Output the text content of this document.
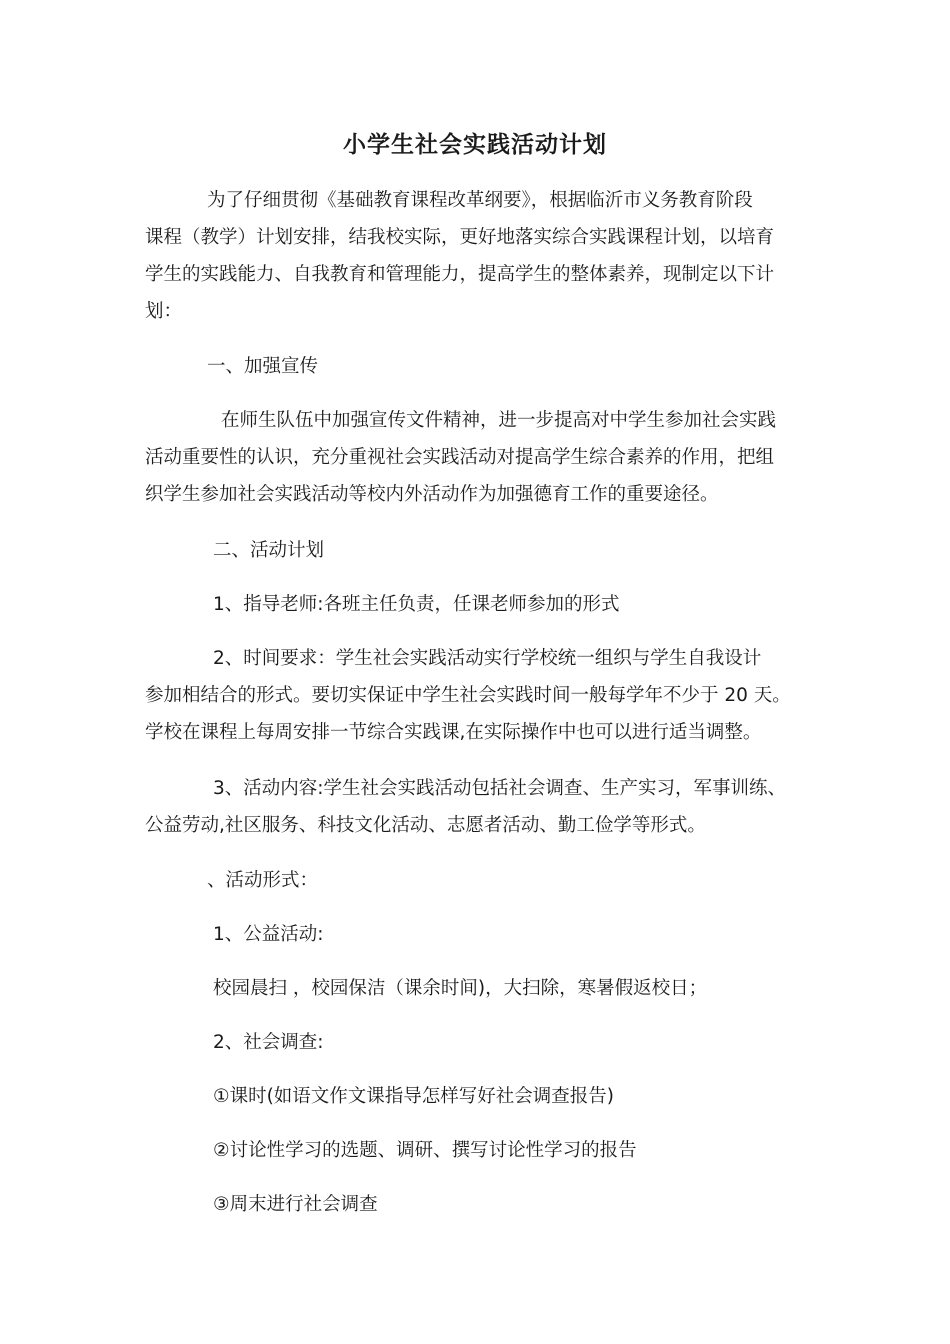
小学生社会实践活动计划
为了仔细贯彻《基础教育课程改革纲要》，根据临沂市义务教育阶段
课程（教学）计划安排，结我校实际，更好地落实综合实践课程计划，以培育
学生的实践能力、自我教育和管理能力，提高学生的整体素养，现制定以下计
划：
一、加强宣传
在师生队伍中加强宣传文件精神，进一步提高对中学生参加社会实践
活动重要性的认识，充分重视社会实践活动对提高学生综合素养的作用，把组
织学生参加社会实践活动等校内外活动作为加强德育工作的重要途径。
二、活动计划
1、指导老师:各班主任负责，任课老师参加的形式
2、时间要求：学生社会实践活动实行学校统一组织与学生自我设计
参加相结合的形式。要切实保证中学生社会实践时间一般每学年不少于 20 天。
学校在课程上每周安排一节综合实践课,在实际操作中也可以进行适当调整。
3、活动内容:学生社会实践活动包括社会调查、生产实习，军事训练、
公益劳动,社区服务、科技文化活动、志愿者活动、勤工俭学等形式。
、活动形式：
1、公益活动:
校园晨扫 ，校园保洁（课余时间)，大扫除，寒暑假返校日；
2、社会调查:
①课时(如语文作文课指导怎样写好社会调查报告)
②讨论性学习的选题、调研、撰写讨论性学习的报告
③周末进行社会调查
